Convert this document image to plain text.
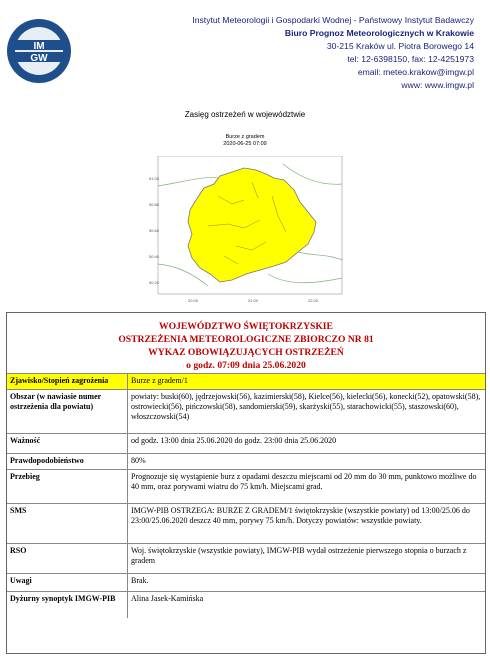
IM
GW
Instytut Meteorologii i Gospodarki Wodnej - Państwowy Instytut Badawczy
Biuro Prognoz Meteorologicznych w Krakowie
30-215 Kraków ul. Piotra Borowego 14
tel: 12-6398150, fax: 12-4251973
email: meteo.krakow@imgw.pl
www: www.imgw.pl
Zasięg ostrzeżeń w województwie
Burze z gradem
2020-06-25 07:09
51.00
50.80
50.60
50.40
50.20
20.00	21.00	22.00
WOJEWÓDZTWO ŚWIĘTOKRZYSKIE
OSTRZEŻENIA METEOROLOGICZNE ZBIORCZO NR 81
WYKAZ OBOWIĄZUJĄCYCH OSTRZEŻEŃ
o godz. 07:09 dnia 25.06.2020
Zjawisko/Stopień zagrożenia	Burze z gradem/1
Obszar (w nawiasie numer ostrzeżenia dla powiatu)	powiaty: buski(60), jędrzejowski(56), kazimierski(58), Kielce(56), kielecki(56), konecki(52), opatowski(58), ostrowiecki(56), pińczowski(58), sandomierski(59), skarżyski(55), starachowicki(55), staszowski(60), włoszczowski(54)
Ważność	od godz. 13:00 dnia 25.06.2020 do godz. 23:00 dnia 25.06.2020
Prawdopodobieństwo	80%
Przebieg	Prognozuje się wystąpienie burz z opadami deszczu miejscami od 20 mm do 30 mm, punktowo możliwe do 40 mm, oraz porywami wiatru do 75 km/h. Miejscami grad.
SMS	IMGW-PIB OSTRZEGA: BURZE Z GRADEM/1 świętokrzyskie (wszystkie powiaty) od 13:00/25.06 do 23:00/25.06.2020 deszcz 40 mm, porywy 75 km/h. Dotyczy powiatów: wszystkie powiaty.
RSO	Woj. świętokrzyskie (wszystkie powiaty), IMGW-PIB wydał ostrzeżenie pierwszego stopnia o burzach z gradem
Uwagi	Brak.
Dyżurny synoptyk IMGW-PIB	Alina Jasek-Kamińska
